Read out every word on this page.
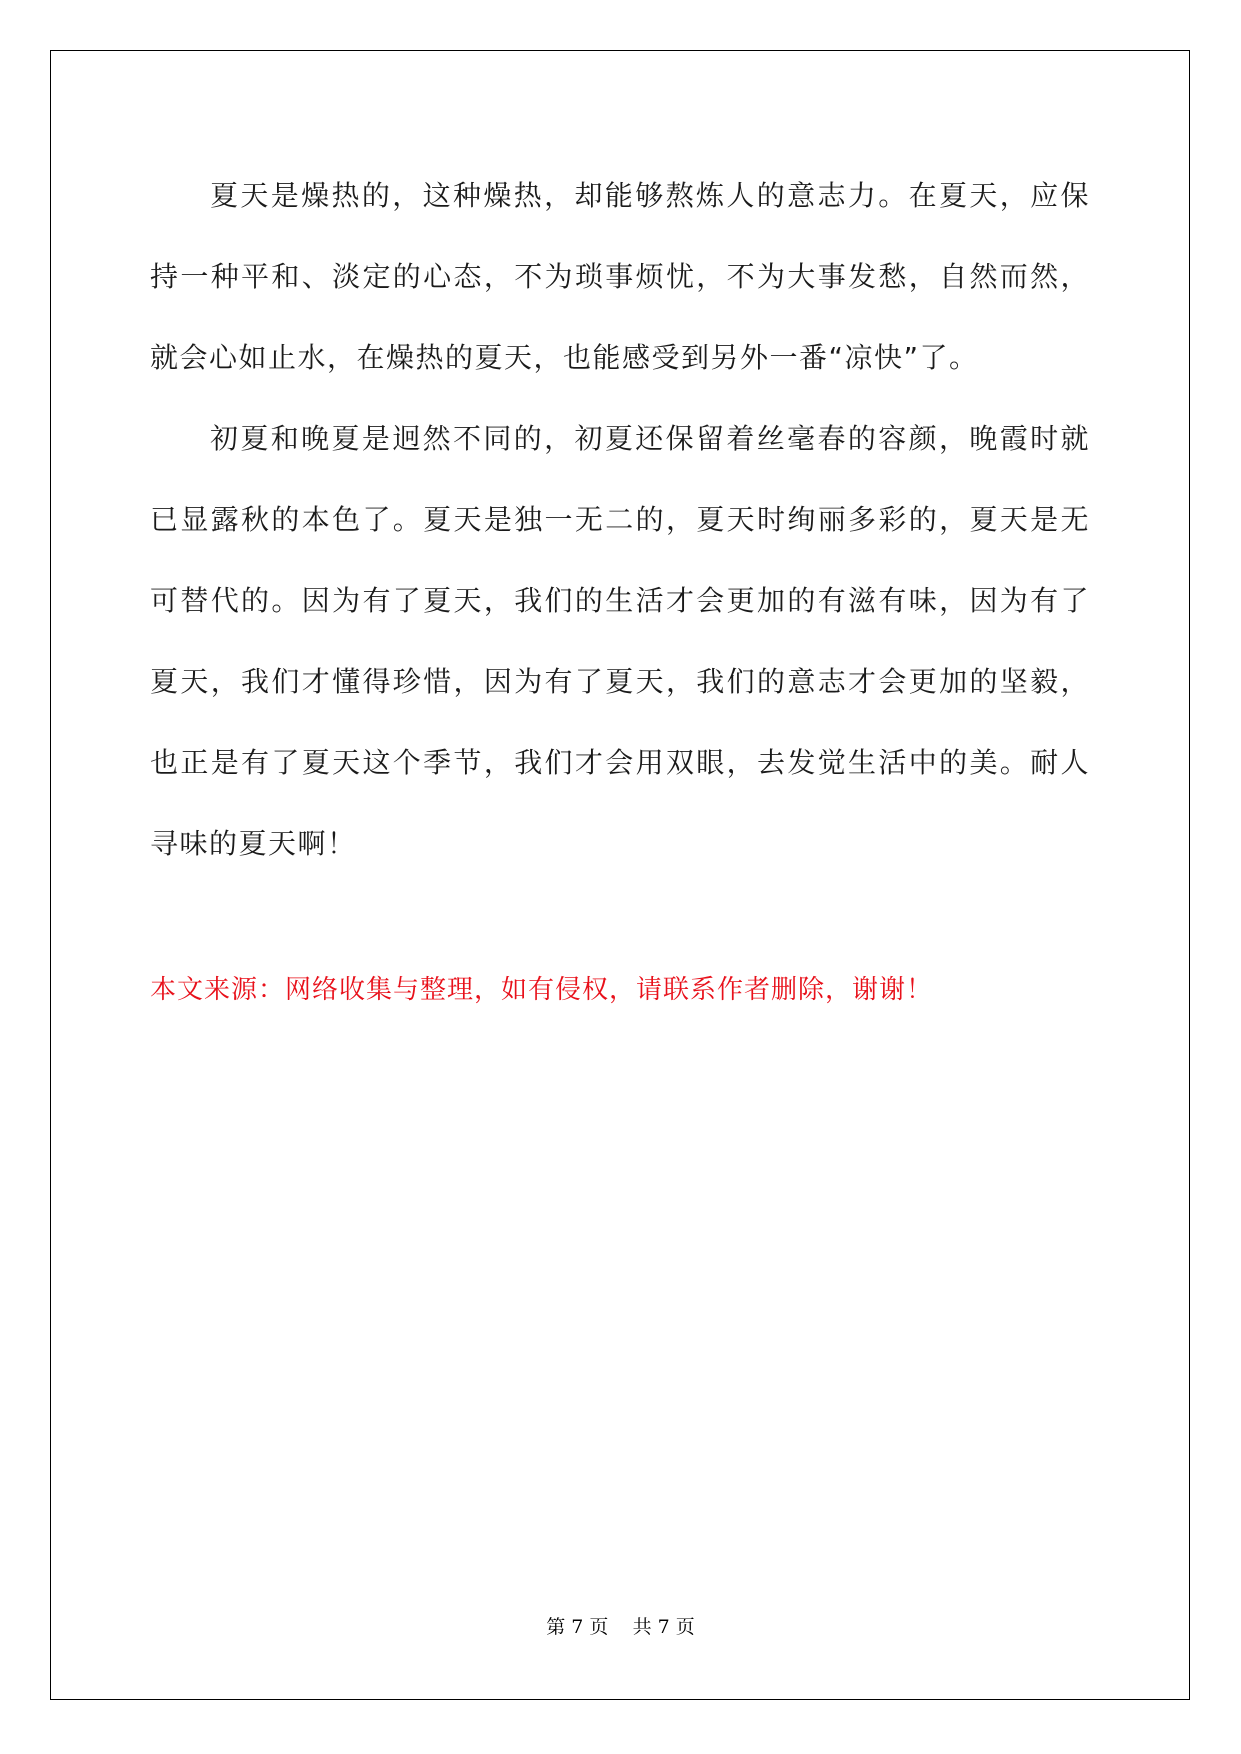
夏天是燥热的，这种燥热，却能够熬炼人的意志力。在夏天，应保持一种平和、淡定的心态，不为琐事烦忧，不为大事发愁，自然而然，就会心如止水，在燥热的夏天，也能感受到另外一番“凉快”了。

初夏和晚夏是迥然不同的，初夏还保留着丝毫春的容颜，晚霞时就已显露秋的本色了。夏天是独一无二的，夏天时绚丽多彩的，夏天是无可替代的。因为有了夏天，我们的生活才会更加的有滋有味，因为有了夏天，我们才懂得珍惜，因为有了夏天，我们的意志才会更加的坚毅，也正是有了夏天这个季节，我们才会用双眼，去发觉生活中的美。耐人寻味的夏天啊！

本文来源：网络收集与整理，如有侵权，请联系作者删除，谢谢！
第 7 页    共 7 页
